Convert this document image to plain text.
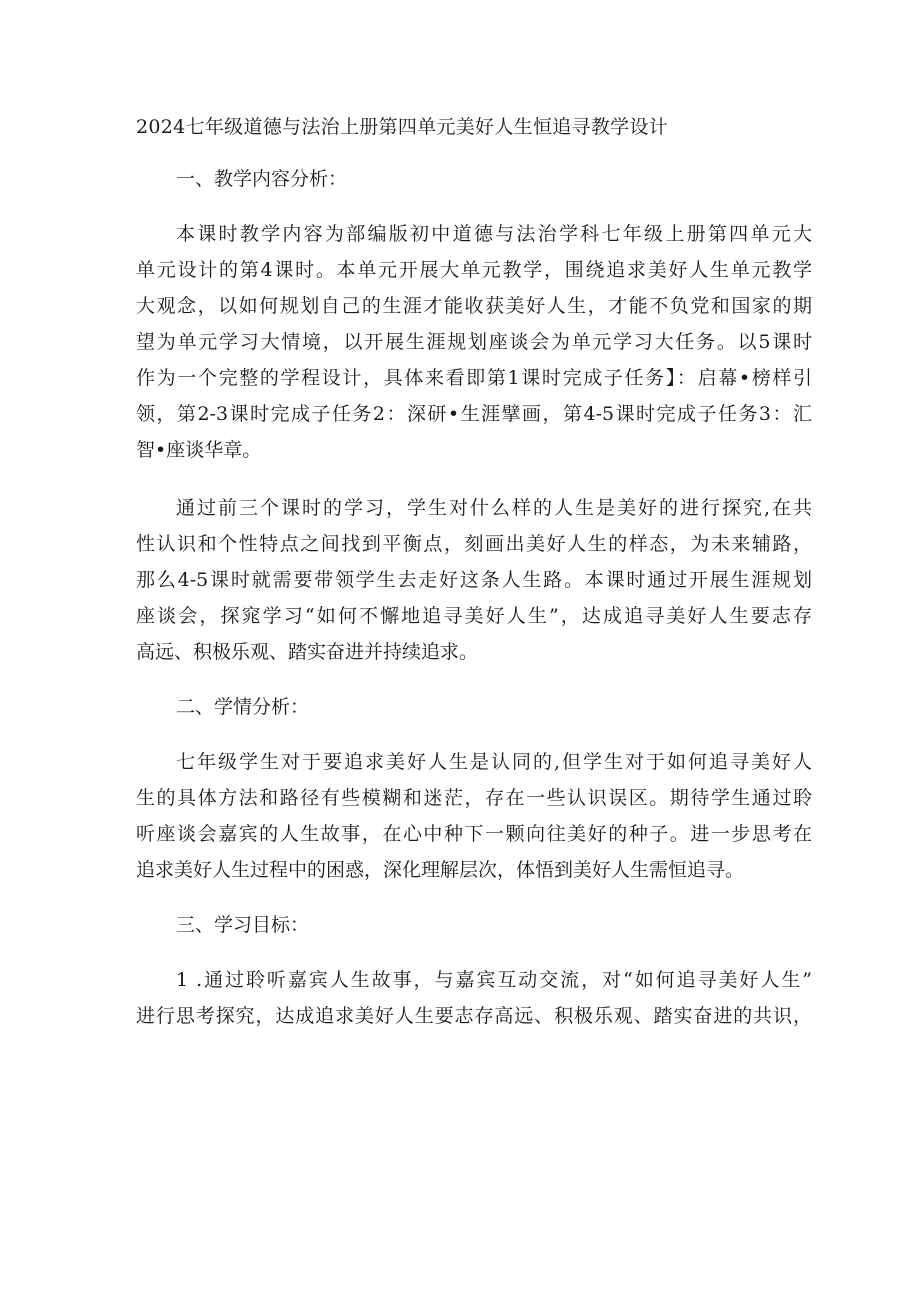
2024七年级道德与法治上册第四单元美好人生恒追寻教学设计
一、教学内容分析：
本课时教学内容为部编版初中道德与法治学科七年级上册第四单元大
单元设计的第4课时。本单元开展大单元教学，围绕追求美好人生单元教学
大观念，以如何规划自己的生涯才能收获美好人生，才能不负党和国家的期
望为单元学习大情境，以开展生涯规划座谈会为单元学习大任务。以5课时
作为一个完整的学程设计，具体来看即第1课时完成子任务】：启幕•榜样引
领，第2-3课时完成子任务2：深研•生涯擘画，第4-5课时完成子任务3：汇
智•座谈华章。
通过前三个课时的学习，学生对什么样的人生是美好的进行探究,在共
性认识和个性特点之间找到平衡点，刻画出美好人生的样态，为未来辅路，
那么4-5课时就需要带领学生去走好这条人生路。本课时通过开展生涯规划
座谈会，探窕学习“如何不懈地追寻美好人生”，达成追寻美好人生要志存
高远、积极乐观、踏实奋进并持续追求。
二、学情分析：
七年级学生对于要追求美好人生是认同的,但学生对于如何追寻美好人
生的具体方法和路径有些模糊和迷茫，存在一些认识误区。期待学生通过聆
听座谈会嘉宾的人生故事，在心中种下一颗向往美好的种子。进一步思考在
追求美好人生过程中的困惑，深化理解层次，体悟到美好人生需恒追寻。
三、学习目标：
1 .通过聆听嘉宾人生故事，与嘉宾互动交流，对“如何追寻美好人生”
进行思考探究，达成追求美好人生要志存高远、积极乐观、踏实奋进的共识，
